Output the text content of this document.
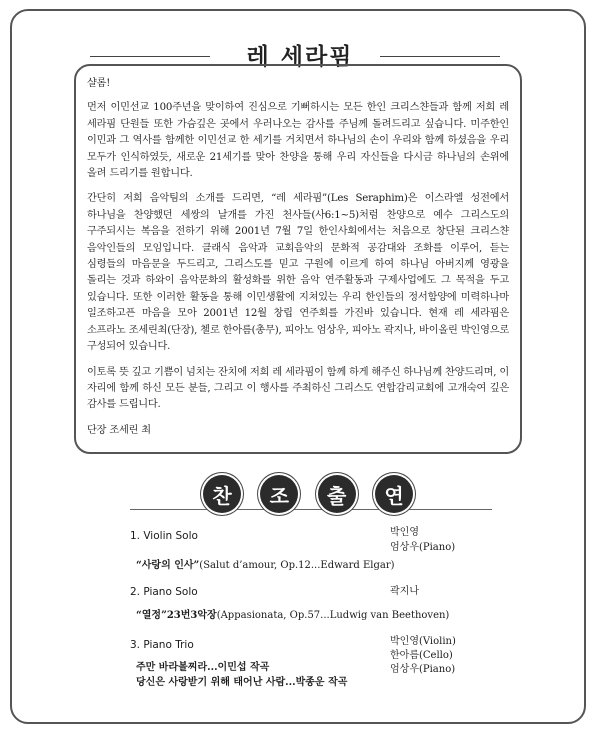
레 세라핌

샬롬!

먼저 이민선교 100주년을 맞이하여 진심으로 기뻐하시는 모든 한인 크리스챤들과 함께 저희 레 세라핌 단원들 또한 가슴깊은 곳에서 우러나오는 감사를 주님께 돌려드리고 싶습니다. 미주한인 이민과 그 역사를 함께한 이민선교 한 세기를 거치면서 하나님의 손이 우리와 함께 하셨음을 우리 모두가 인식하였듯, 새로운 21세기를 맞아 찬양을 통해 우리 자신들을 다시금 하나님의 손위에 올려 드리기를 원합니다.

간단히 저희 음악팀의 소개를 드리면, “레 세라핌”(Les Seraphim)은 이스라엘 성전에서 하나님을 찬양했던 세쌍의 날개를 가진 천사들(사6:1~5)처럼 찬양으로 예수 그리스도의 구주되시는 복음을 전하기 위해 2001년 7월 7일 한인사회에서는 처음으로 창단된 크리스챤 음악인들의 모임입니다. 클래식 음악과 교회음악의 문화적 공감대와 조화를 이루어, 듣는 심령들의 마음문을 두드리고, 그리스도를 믿고 구원에 이르게 하여 하나님 아버지께 영광을 돌리는 것과 하와이 음악문화의 활성화를 위한 음악 연주활동과 구제사업에도 그 목적을 두고 있습니다. 또한 이러한 활동을 통해 이민생활에 지쳐있는 우리 한인들의 정서함양에 미력하나마 일조하고픈 마음을 모아 2001년 12월 창립 연주회를 가진바 있습니다. 현재 레 세라핌은 소프라노 조세린최(단장), 첼로 한아름(총무), 피아노 엄상우, 피아노 곽지나, 바이올린 박인영으로 구성되어 있습니다.

이토록 뜻 깊고 기쁨이 넘치는 잔치에 저희 레 세라핌이 함께 하게 해주신 하나님께 찬양드리며, 이 자리에 함께 하신 모든 분들, 그리고 이 행사를 주최하신 그리스도 연합감리교회에 고개숙여 깊은 감사를 드립니다.

단장 조세린 최

찬	조	출	연
1. Violin Solo	박인영
엄상우(Piano)
“사랑의 인사”(Salut d’amour, Op.12...Edward Elgar)
2. Piano Solo	곽지나
“열정”23번3악장(Appasionata, Op.57...Ludwig van Beethoven)
3. Piano Trio	박인영(Violin)
한아름(Cello)
엄상우(Piano)
주만 바라볼찌라...이민섭 작곡
당신은 사랑받기 위해 태어난 사람...박종운 작곡
